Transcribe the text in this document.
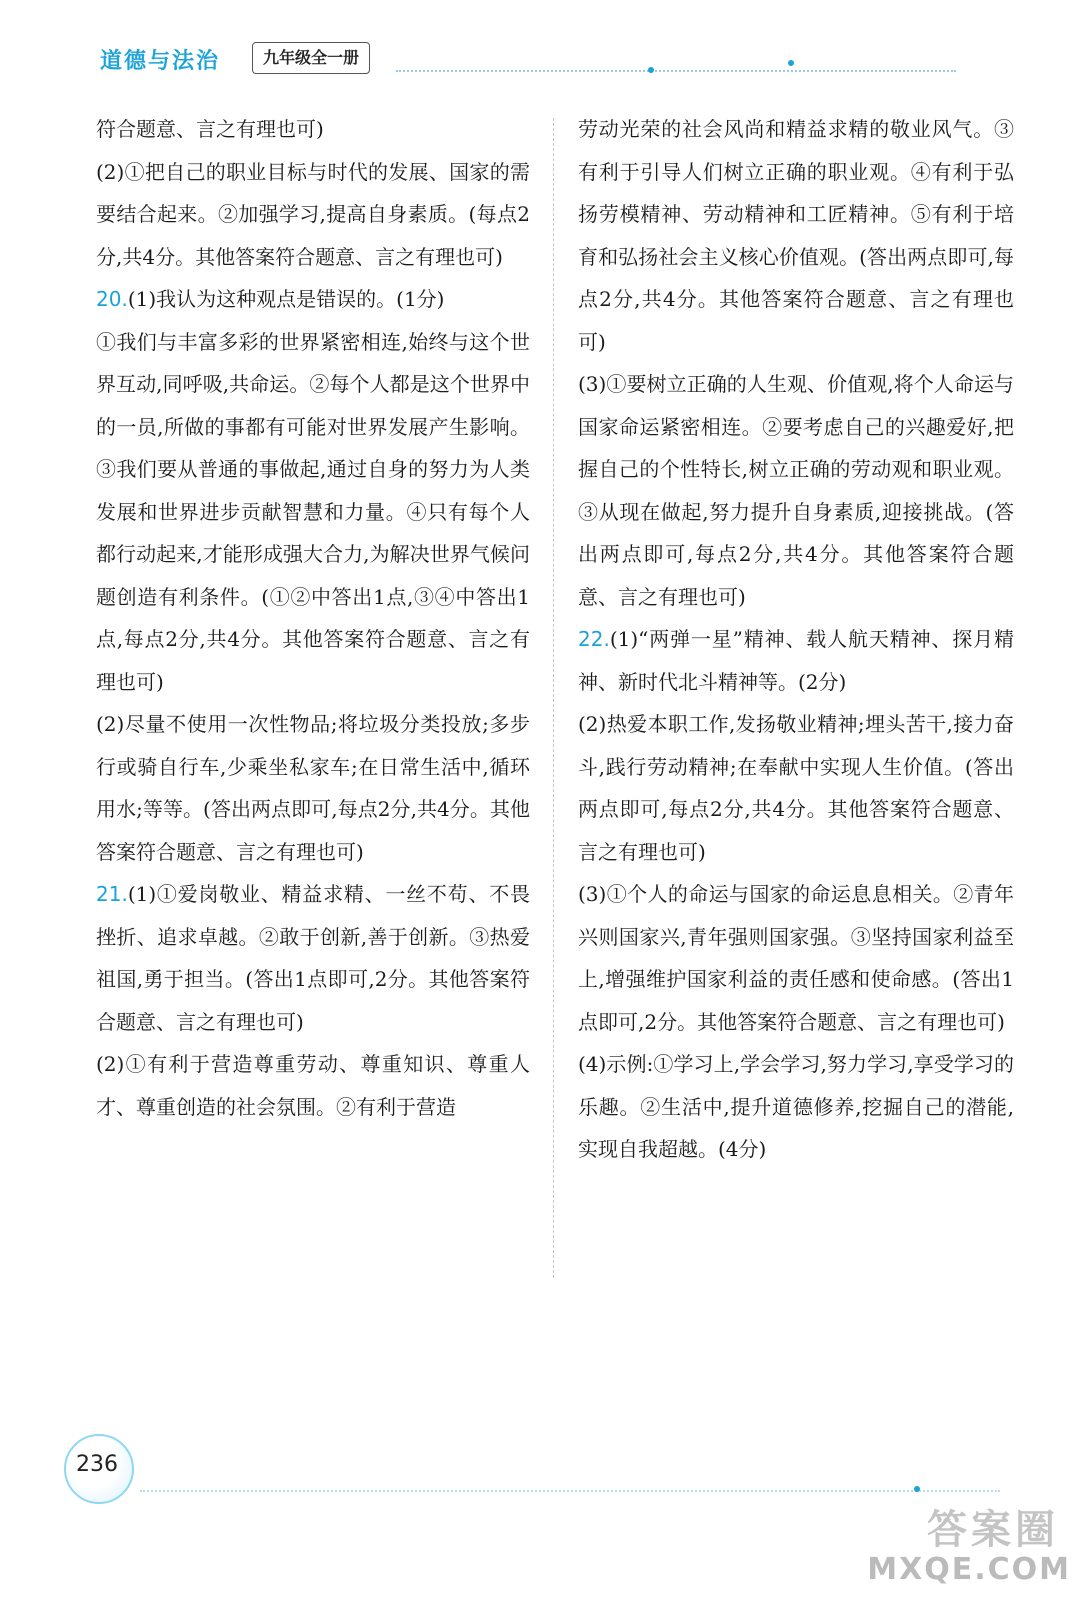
道德与法治	九年级全一册

符合题意、言之有理也可)

(2)①把自己的职业目标与时代的发展、国家的需要结合起来。②加强学习,提高自身素质。(每点2分,共4分。其他答案符合题意、言之有理也可)

20.(1)我认为这种观点是错误的。(1分)

①我们与丰富多彩的世界紧密相连,始终与这个世界互动,同呼吸,共命运。②每个人都是这个世界中的一员,所做的事都有可能对世界发展产生影响。③我们要从普通的事做起,通过自身的努力为人类发展和世界进步贡献智慧和力量。④只有每个人都行动起来,才能形成强大合力,为解决世界气候问题创造有利条件。(①②中答出1点,③④中答出1点,每点2分,共4分。其他答案符合题意、言之有理也可)

(2)尽量不使用一次性物品;将垃圾分类投放;多步行或骑自行车,少乘坐私家车;在日常生活中,循环用水;等等。(答出两点即可,每点2分,共4分。其他答案符合题意、言之有理也可)

21.(1)①爱岗敬业、精益求精、一丝不苟、不畏挫折、追求卓越。②敢于创新,善于创新。③热爱祖国,勇于担当。(答出1点即可,2分。其他答案符合题意、言之有理也可)

(2)①有利于营造尊重劳动、尊重知识、尊重人才、尊重创造的社会氛围。②有利于营造

劳动光荣的社会风尚和精益求精的敬业风气。③有利于引导人们树立正确的职业观。④有利于弘扬劳模精神、劳动精神和工匠精神。⑤有利于培育和弘扬社会主义核心价值观。(答出两点即可,每点2分,共4分。其他答案符合题意、言之有理也可)

(3)①要树立正确的人生观、价值观,将个人命运与国家命运紧密相连。②要考虑自己的兴趣爱好,把握自己的个性特长,树立正确的劳动观和职业观。③从现在做起,努力提升自身素质,迎接挑战。(答出两点即可,每点2分,共4分。其他答案符合题意、言之有理也可)

22.(1)“两弹一星”精神、载人航天精神、探月精神、新时代北斗精神等。(2分)

(2)热爱本职工作,发扬敬业精神;埋头苦干,接力奋斗,践行劳动精神;在奉献中实现人生价值。(答出两点即可,每点2分,共4分。其他答案符合题意、言之有理也可)

(3)①个人的命运与国家的命运息息相关。②青年兴则国家兴,青年强则国家强。③坚持国家利益至上,增强维护国家利益的责任感和使命感。(答出1点即可,2分。其他答案符合题意、言之有理也可)

(4)示例:①学习上,学会学习,努力学习,享受学习的乐趣。②生活中,提升道德修养,挖掘自己的潜能,实现自我超越。(4分)

236
答案圈
MXQE.COM
